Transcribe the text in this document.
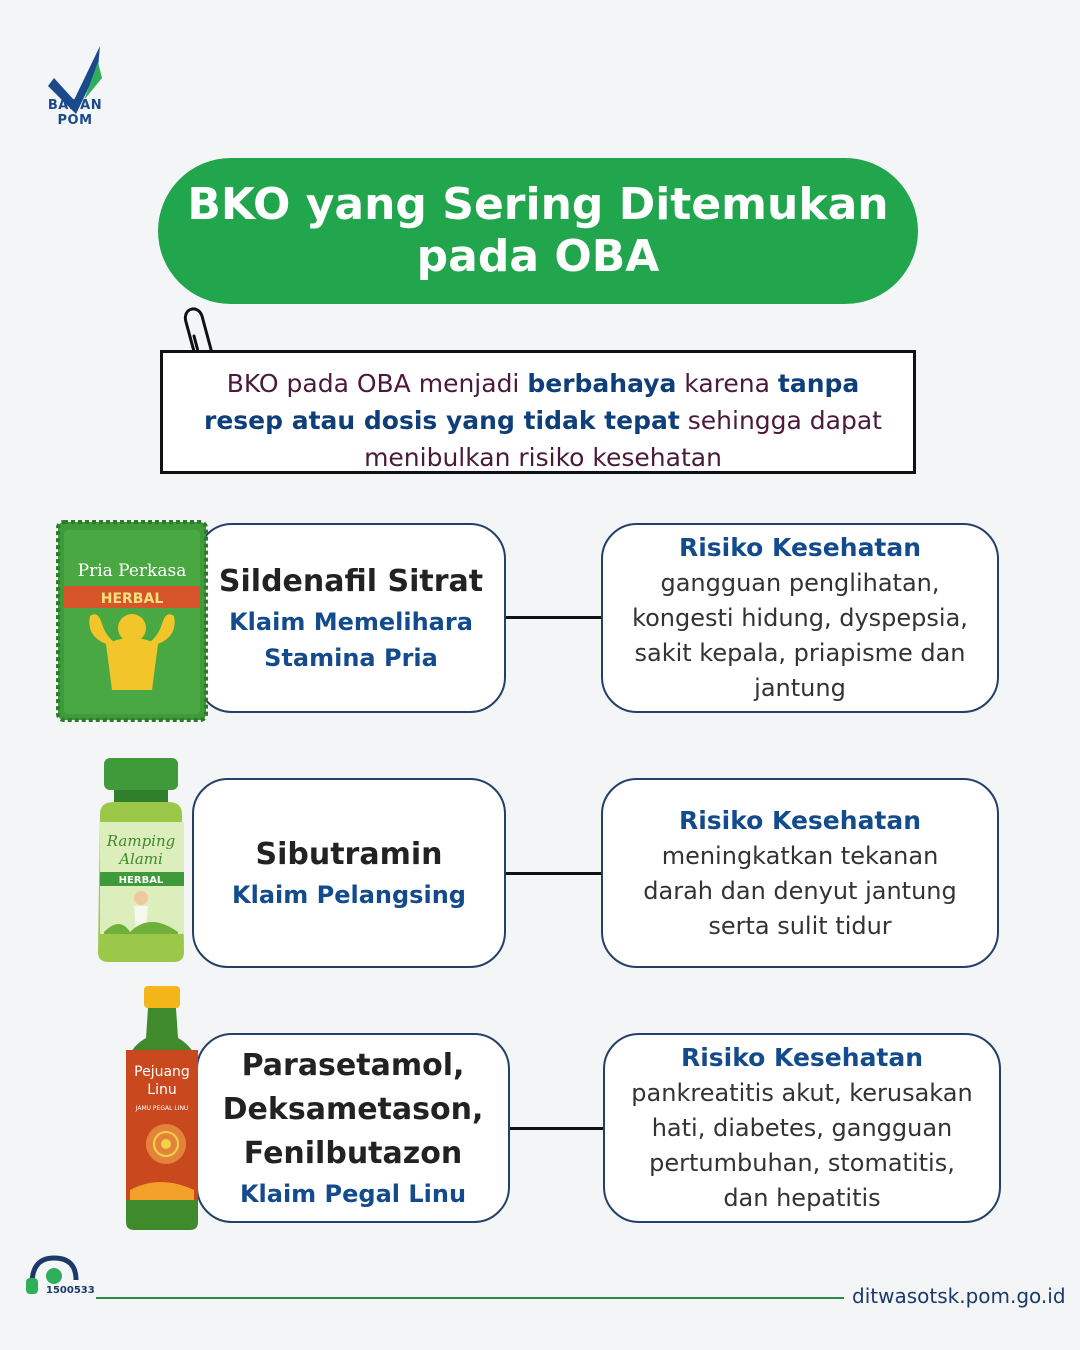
BADAN POM
BKO yang Sering Ditemukan
pada OBA
BKO pada OBA menjadi berbahaya karena tanpa resep atau dosis yang tidak tepat sehingga dapat menibulkan risiko kesehatan
Sildenafil Sitrat
Klaim Memelihara
Stamina Pria
Risiko Kesehatan
gangguan penglihatan,
kongesti hidung, dyspepsia,
sakit kepala, priapisme dan
jantung
Pria Perkasa
HERBAL
Sibutramin
Klaim Pelangsing
Risiko Kesehatan
meningkatkan tekanan
darah dan denyut jantung
serta sulit tidur
Ramping
Alami
HERBAL
Parasetamol,
Deksametason,
Fenilbutazon
Klaim Pegal Linu
Risiko Kesehatan
pankreatitis akut, kerusakan
hati, diabetes, gangguan
pertumbuhan, stomatitis,
dan hepatitis
Pejuang
Linu
JAMU PEGAL LINU
1500533	ditwasotsk.pom.go.id
